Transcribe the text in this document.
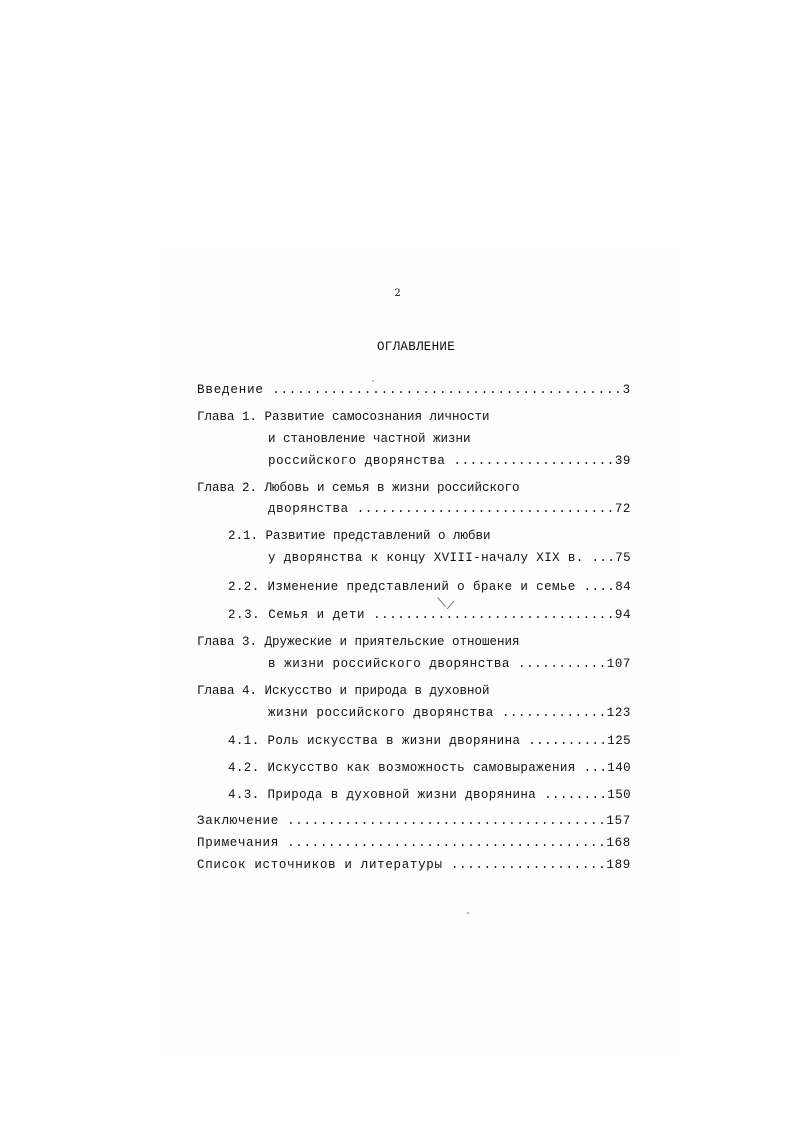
2
ОГЛАВЛЕНИЕ
Введение ..........................................3
Глава 1. Развитие самосознания личности
и становление частной жизни
российского дворянства ....................39
Глава 2. Любовь и семья в жизни российского
дворянства ................................72
2.1. Развитие представлений о любви
у дворянства к концу XVIII-началу XIX в. ...75
2.2. Изменение представлений о браке и семье ....84
2.3. Семья и дети ..............................94
Глава 3. Дружеские и приятельские отношения
в жизни российского дворянства ...........107
Глава 4. Искусство и природа в духовной
жизни российского дворянства .............123
4.1. Роль искусства в жизни дворянина ..........125
4.2. Искусство как возможность самовыражения ...140
4.3. Природа в духовной жизни дворянина ........150
Заключение .......................................157
Примечания .......................................168
Список источников и литературы ...................189
